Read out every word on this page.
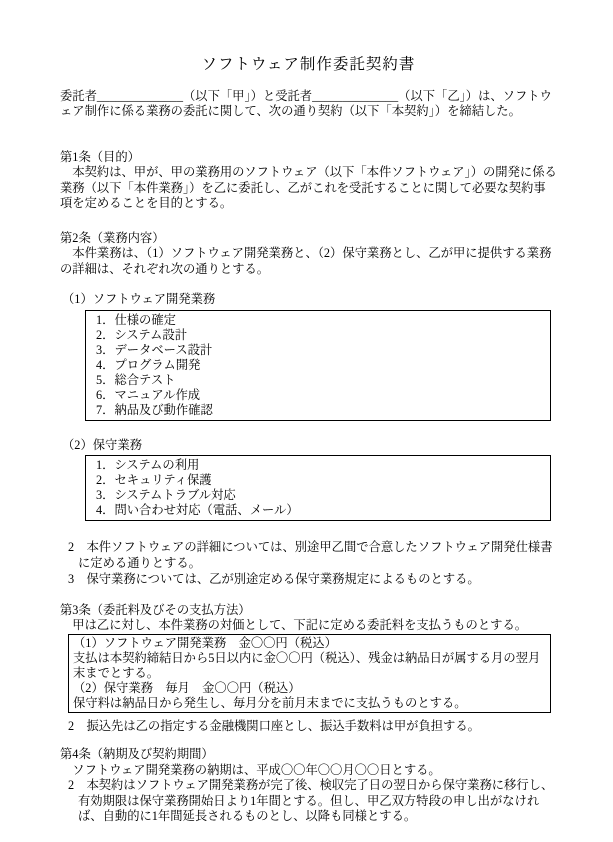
ソフトウェア制作委託契約書

委託者______________（以下「甲」）と受託者______________（以下「乙」）は、ソフトウェア制作に係る業務の委託に関して、次の通り契約（以下「本契約」）を締結した。

第1条（目的）

本契約は、甲が、甲の業務用のソフトウェア（以下「本件ソフトウェア」）の開発に係る業務（以下「本件業務」）を乙に委託し、乙がこれを受託することに関して必要な契約事項を定めることを目的とする。

第2条（業務内容）

本件業務は、（1）ソフトウェア開発業務と、（2）保守業務とし、乙が甲に提供する業務の詳細は、それぞれ次の通りとする。

（1）ソフトウェア開発業務
1．仕様の確定
2．システム設計
3．データベース設計
4．プログラム開発
5．総合テスト
6．マニュアル作成
7．納品及び動作確認
（2）保守業務
1．システムの利用
2．セキュリティ保護
3．システムトラブル対応
4．問い合わせ対応（電話、メール）

2　本件ソフトウェアの詳細については、別途甲乙間で合意したソフトウェア開発仕様書に定める通りとする。

3　保守業務については、乙が別途定める保守業務規定によるものとする。

第3条（委託料及びその支払方法）

甲は乙に対し、本件業務の対価として、下記に定める委託料を支払うものとする。

（1）ソフトウェア開発業務　金〇〇円（税込）
支払は本契約締結日から5日以内に金〇〇円（税込）、残金は納品日が属する月の翌月末までとする。
（2）保守業務　毎月　金〇〇円（税込）
保守料は納品日から発生し、毎月分を前月末までに支払うものとする。

2　振込先は乙の指定する金融機関口座とし、振込手数料は甲が負担する。

第4条（納期及び契約期間）

ソフトウェア開発業務の納期は、平成〇〇年〇〇月〇〇日とする。

2　本契約はソフトウェア開発業務が完了後、検収完了日の翌日から保守業務に移行し、有効期限は保守業務開始日より1年間とする。但し、甲乙双方特段の申し出がなければ、自動的に1年間延長されるものとし、以降も同様とする。
